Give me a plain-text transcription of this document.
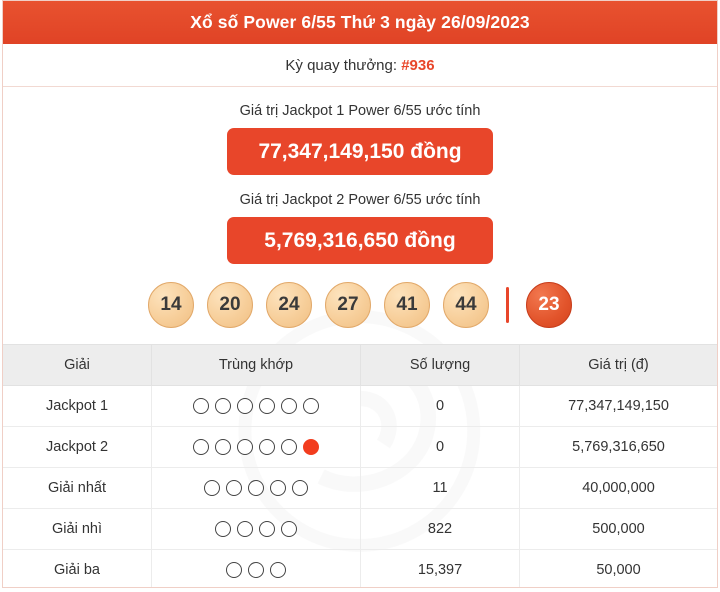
Xổ số Power 6/55 Thứ 3 ngày 26/09/2023
Kỳ quay thưởng: #936
Giá trị Jackpot 1 Power 6/55 ước tính
77,347,149,150 đồng
Giá trị Jackpot 2 Power 6/55 ước tính
5,769,316,650 đồng
14	20	24	27	41	44	23
Giải	Trùng khớp	Số lượng	Giá trị (đ)
Jackpot 1		0	77,347,149,150
Jackpot 2		0	5,769,316,650
Giải nhất		11	40,000,000
Giải nhì		822	500,000
Giải ba		15,397	50,000
